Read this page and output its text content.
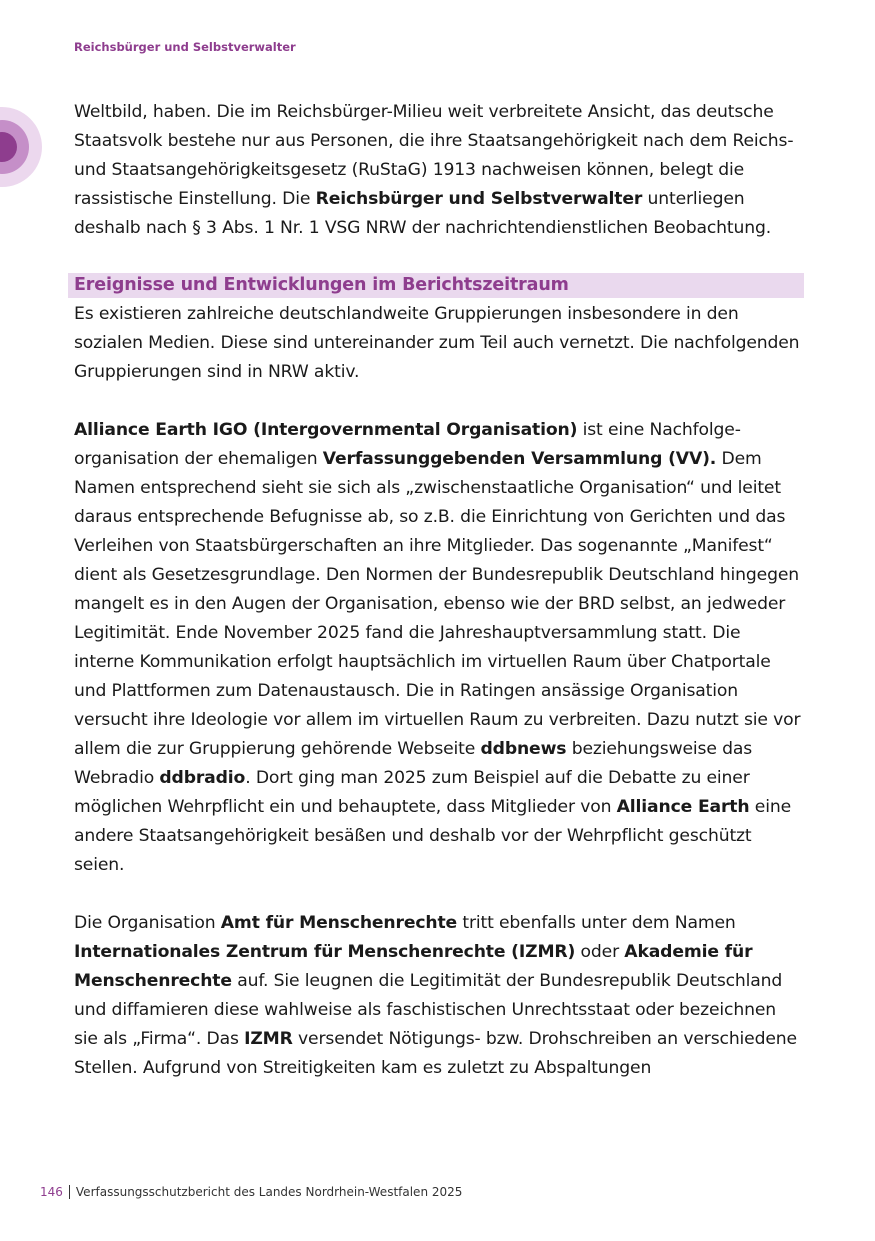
Reichsbürger und Selbstverwalter

Weltbild, haben. Die im Reichsbürger-Milieu weit verbreitete Ansicht, das deutsche Staatsvolk bestehe nur aus Personen, die ihre Staatsangehörigkeit nach dem Reichs- und Staatsangehörigkeitsgesetz (RuStaG) 1913 nachweisen können, belegt die rassistische Einstellung. Die Reichsbürger und Selbstverwalter unterliegen deshalb nach § 3 Abs. 1 Nr. 1 VSG NRW der nachrichtendienstlichen Beobachtung.

Ereignisse und Entwicklungen im Berichtszeitraum

Es existieren zahlreiche deutschlandweite Gruppierungen insbesondere in den sozialen Medien. Diese sind untereinander zum Teil auch vernetzt. Die nachfolgenden Gruppierungen sind in NRW aktiv.

Alliance Earth IGO (Intergovernmental Organisation) ist eine Nachfolgeorganisation der ehemaligen Verfassunggebenden Versammlung (VV). Dem Namen entsprechend sieht sie sich als „zwischenstaatliche Organisation“ und leitet daraus entsprechende Befugnisse ab, so z.B. die Einrichtung von Gerichten und das Verleihen von Staatsbürgerschaften an ihre Mitglieder. Das sogenannte „Manifest“ dient als Gesetzesgrundlage. Den Normen der Bundesrepublik Deutschland hingegen mangelt es in den Augen der Organisation, ebenso wie der BRD selbst, an jedweder Legitimität. Ende November 2025 fand die Jahreshauptversammlung statt. Die interne Kommunikation erfolgt hauptsächlich im virtuellen Raum über Chatportale und Plattformen zum Datenaustausch. Die in Ratingen ansässige Organisation versucht ihre Ideologie vor allem im virtuellen Raum zu verbreiten. Dazu nutzt sie vor allem die zur Gruppierung gehörende Webseite ddbnews beziehungsweise das Webradio ddbradio. Dort ging man 2025 zum Beispiel auf die Debatte zu einer möglichen Wehrpflicht ein und behauptete, dass Mitglieder von Alliance Earth eine andere Staatsangehörigkeit besäßen und deshalb vor der Wehrpflicht geschützt seien.

Die Organisation Amt für Menschenrechte tritt ebenfalls unter dem Namen Internationales Zentrum für Menschenrechte (IZMR) oder Akademie für Menschenrechte auf. Sie leugnen die Legitimität der Bundesrepublik Deutschland und diffamieren diese wahlweise als faschistischen Unrechtsstaat oder bezeichnen sie als „Firma“. Das IZMR versendet Nötigungs- bzw. Drohschreiben an verschiedene Stellen. Aufgrund von Streitigkeiten kam es zuletzt zu Abspaltungen

146 Verfassungsschutzbericht des Landes Nordrhein-Westfalen 2025
